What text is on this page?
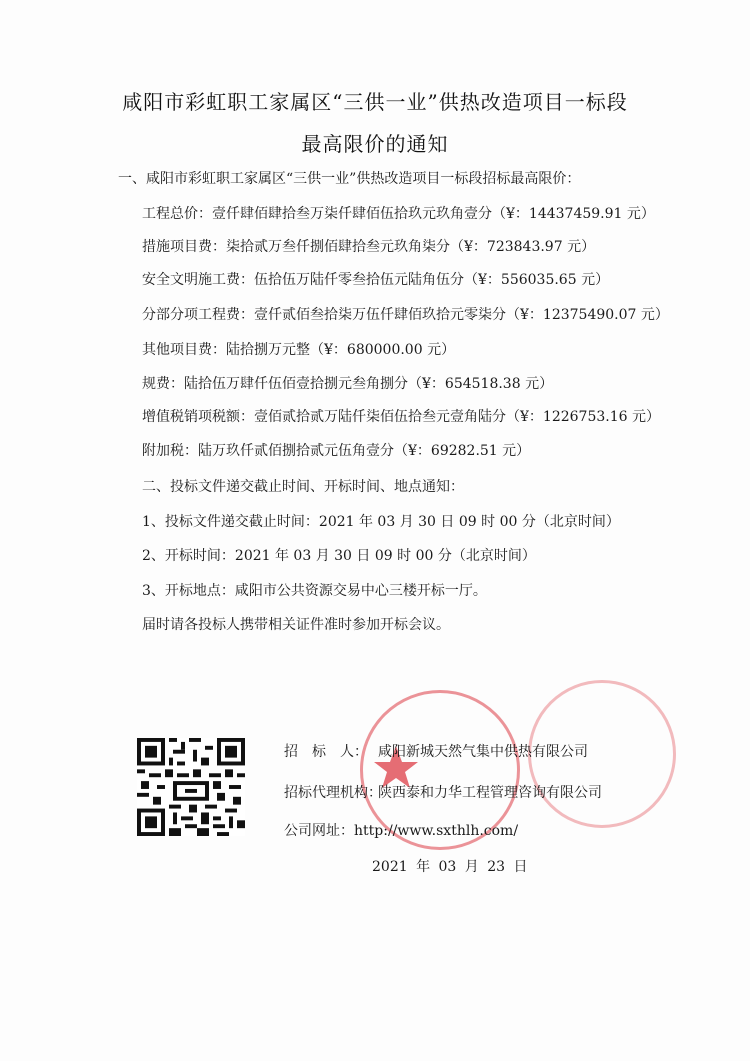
咸阳市彩虹职工家属区“三供一业”供热改造项目一标段
最高限价的通知
一、咸阳市彩虹职工家属区“三供一业”供热改造项目一标段招标最高限价：
工程总价：壹仟肆佰肆拾叁万柒仟肆佰伍拾玖元玖角壹分（¥：14437459.91 元）
措施项目费：柒拾贰万叁仟捌佰肆拾叁元玖角柒分（¥：723843.97 元）
安全文明施工费：伍拾伍万陆仟零叁拾伍元陆角伍分（¥：556035.65 元）
分部分项工程费：壹仟贰佰叁拾柒万伍仟肆佰玖拾元零柒分（¥：12375490.07 元）
其他项目费：陆拾捌万元整（¥：680000.00 元）
规费：陆拾伍万肆仟伍佰壹拾捌元叁角捌分（¥：654518.38 元）
增值税销项税额：壹佰贰拾贰万陆仟柒佰伍拾叁元壹角陆分（¥：1226753.16 元）
附加税：陆万玖仟贰佰捌拾贰元伍角壹分（¥：69282.51 元）
二、投标文件递交截止时间、开标时间、地点通知：
1、投标文件递交截止时间：2021 年 03 月 30 日 09 时 00 分（北京时间）
2、开标时间：2021 年 03 月 30 日 09 时 00 分（北京时间）
3、开标地点：咸阳市公共资源交易中心三楼开标一厅。
届时请各投标人携带相关证件准时参加开标会议。
招　标　人： 咸阳新城天然气集中供热有限公司
招标代理机构：陕西泰和力华工程管理咨询有限公司
公司网址：http://www.sxthlh.com/
2021 年 03 月 23 日
